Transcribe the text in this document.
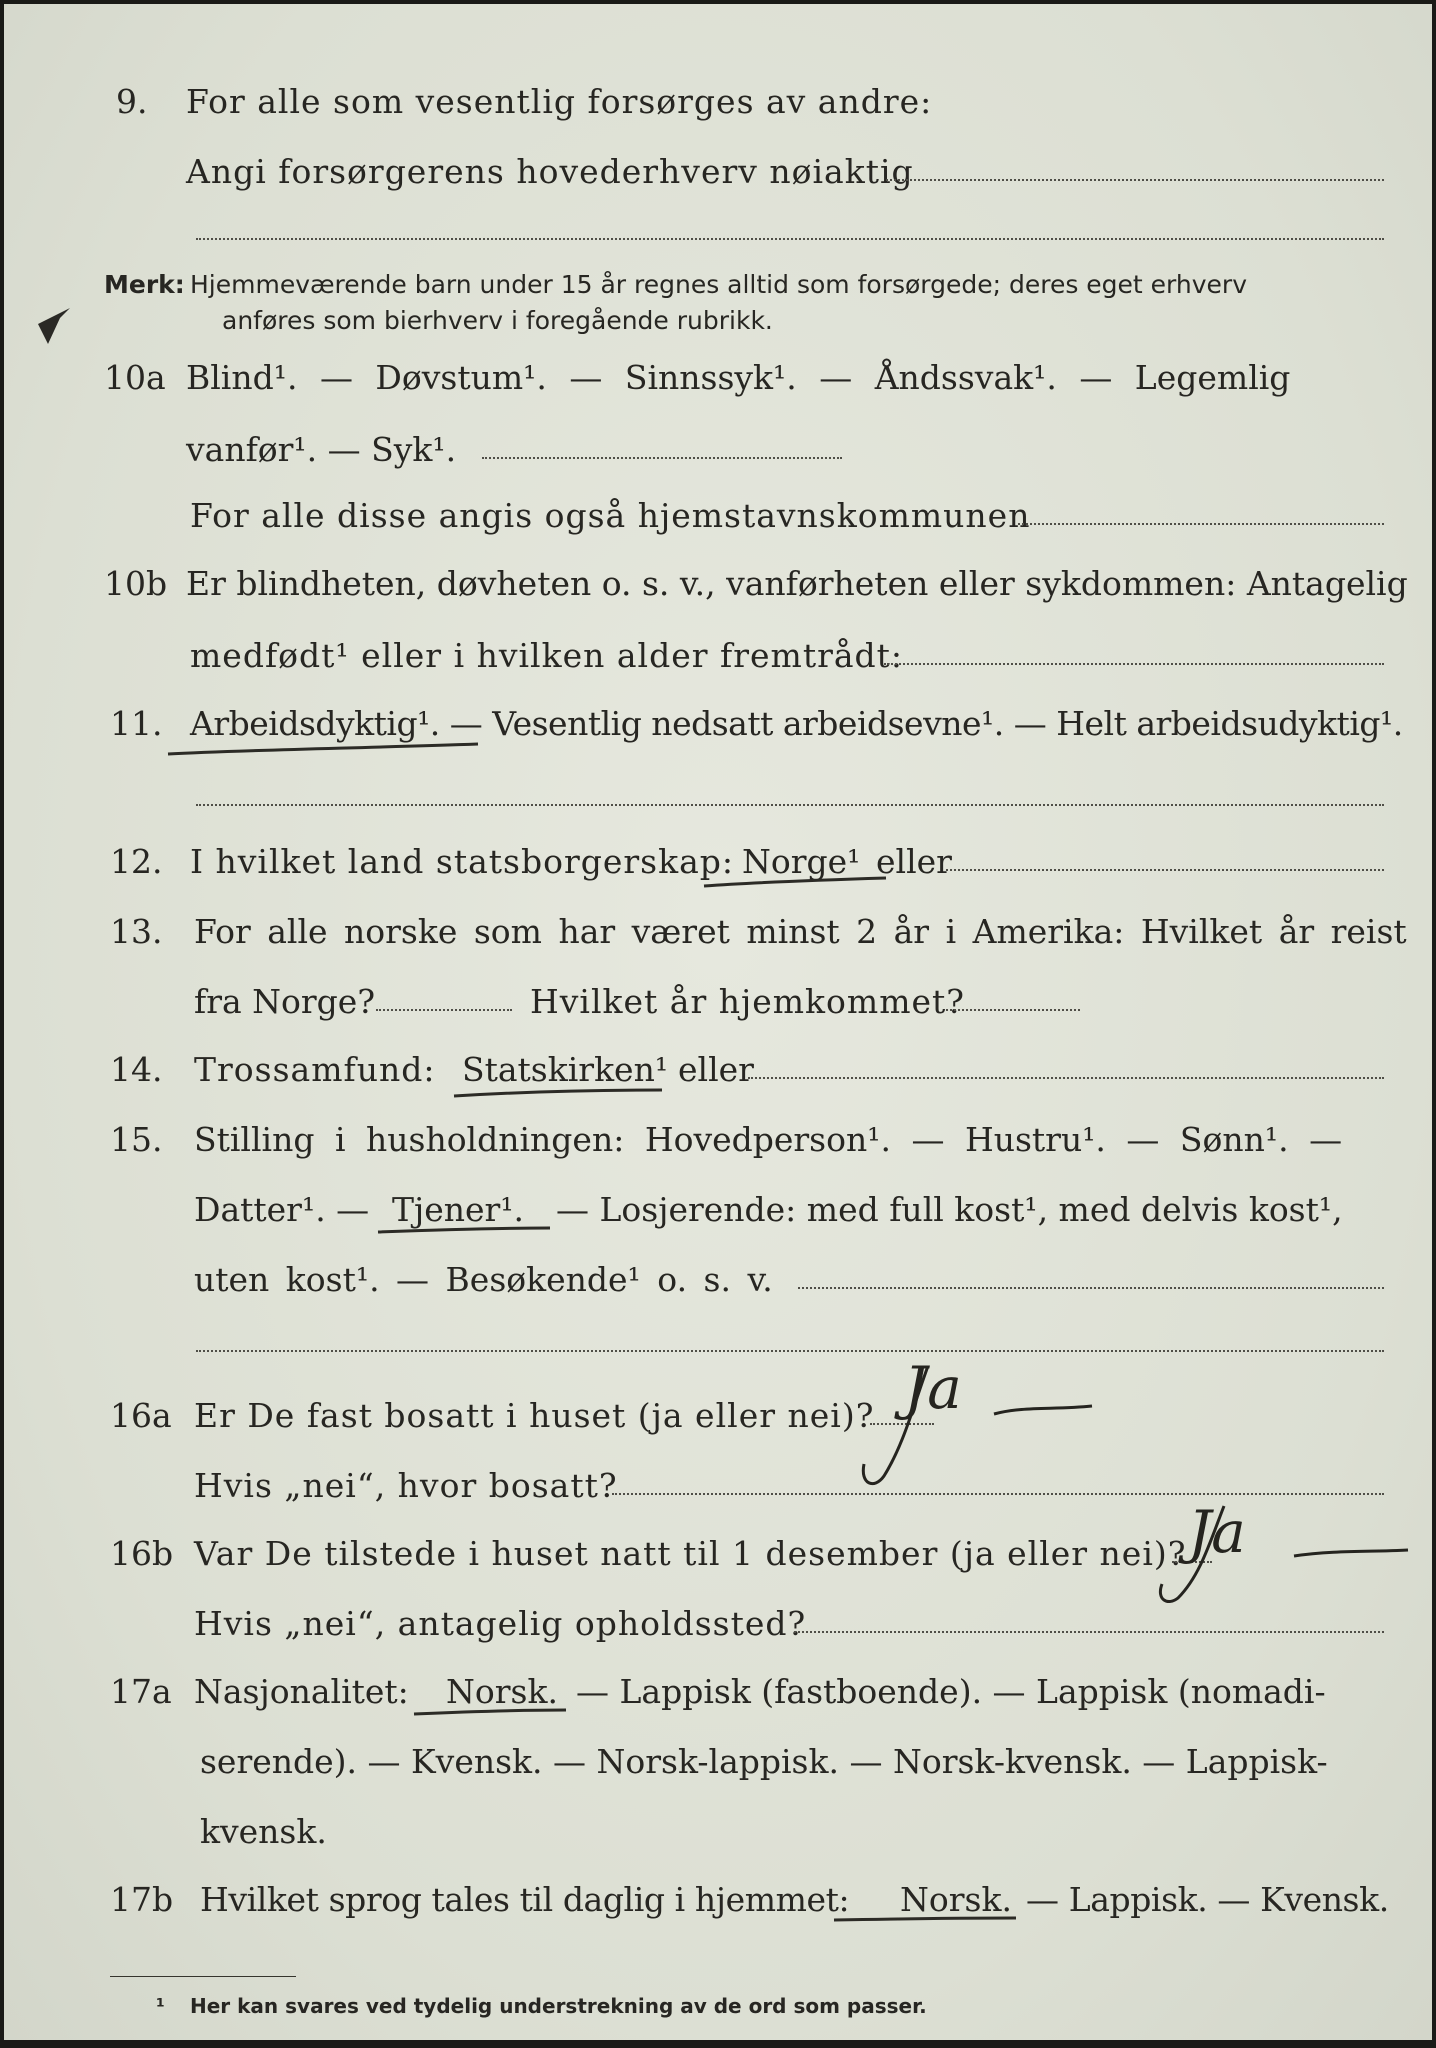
9. For alle som vesentlig forsørges av andre:
Angi forsørgerens hovederhverv nøiaktig
Merk: Hjemmeværende barn under 15 år regnes alltid som forsørgede; deres eget erhverv
anføres som bierhverv i foregående rubrikk.
10a Blind¹. — Døvstum¹. — Sinnssyk¹. — Åndssvak¹. — Legemlig
vanfør¹. — Syk¹.
For alle disse angis også hjemstavnskommunen
10b Er blindheten, døvheten o. s. v., vanførheten eller sykdommen: Antagelig
medfødt¹ eller i hvilken alder fremtrådt:
11. Arbeidsdyktig¹. — Vesentlig nedsatt arbeidsevne¹. — Helt arbeidsudyktig¹.
12. I hvilket land statsborgerskap: Norge¹ eller
13. For alle norske som har været minst 2 år i Amerika: Hvilket år reist
fra Norge?	Hvilket år hjemkommet?
14. Trossamfund: Statskirken¹ eller
15. Stilling i husholdningen: Hovedperson¹. — Hustru¹. — Sønn¹. —
Datter¹. — Tjener¹. — Losjerende: med full kost¹, med delvis kost¹,
uten kost¹. — Besøkende¹ o. s. v.
16a Er De fast bosatt i huset (ja eller nei)? Ja
Hvis „nei“, hvor bosatt?
16b Var De tilstede i huset natt til 1 desember (ja eller nei)? Ja
Hvis „nei“, antagelig opholdssted?
17a Nasjonalitet: Norsk. — Lappisk (fastboende). — Lappisk (nomadi-
serende). — Kvensk. — Norsk-lappisk. — Norsk-kvensk. — Lappisk-
kvensk.
17b Hvilket sprog tales til daglig i hjemmet: Norsk. — Lappisk. — Kvensk.
¹ Her kan svares ved tydelig understrekning av de ord som passer.
